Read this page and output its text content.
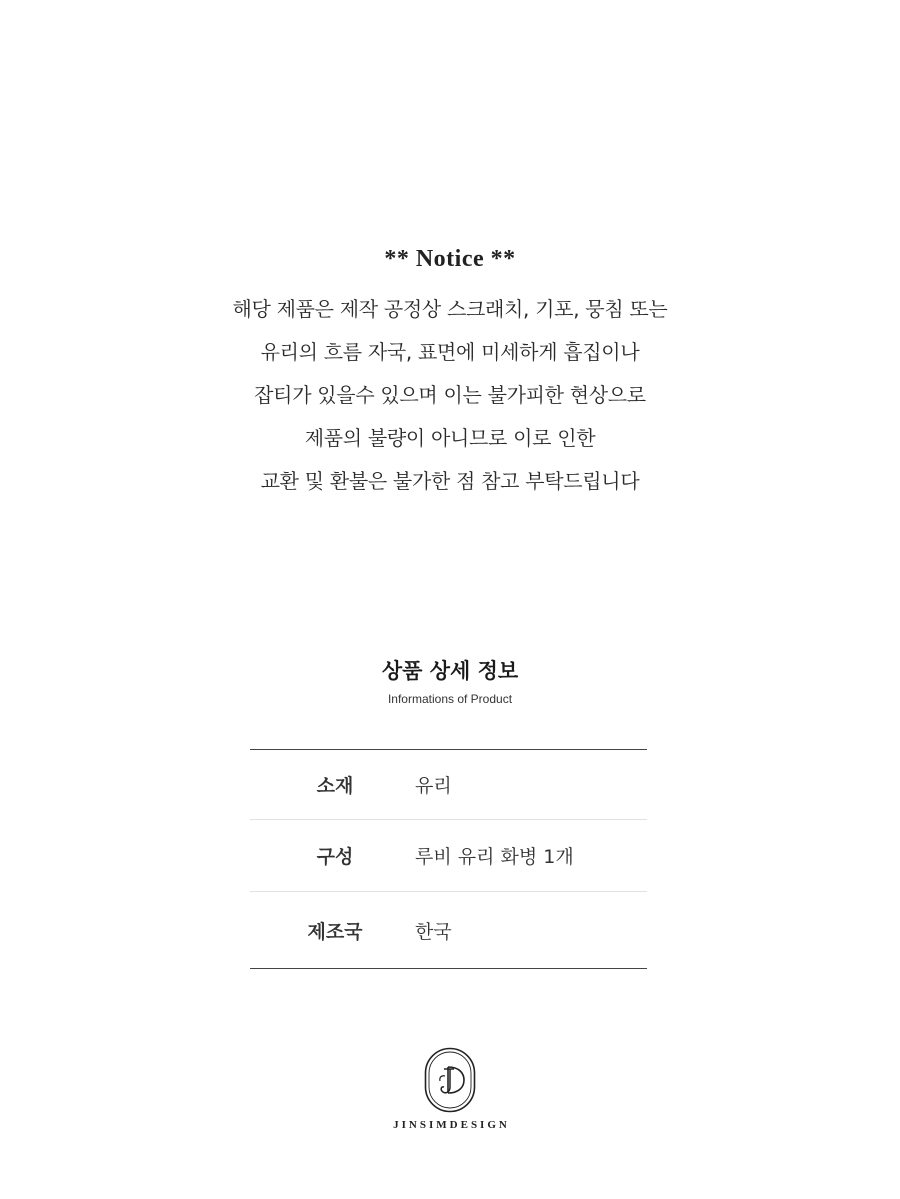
** Notice **
해당 제품은 제작 공정상 스크래치, 기포, 뭉침 또는
유리의 흐름 자국, 표면에 미세하게 흡집이나
잡티가 있을수 있으며 이는 불가피한 현상으로
제품의 불량이 아니므로 이로 인한
교환 및 환불은 불가한 점 참고 부탁드립니다
상품 상세 정보
Informations of Product
소재	유리
구성	루비 유리 화병 1개
제조국	한국
JINSIMDESIGN
